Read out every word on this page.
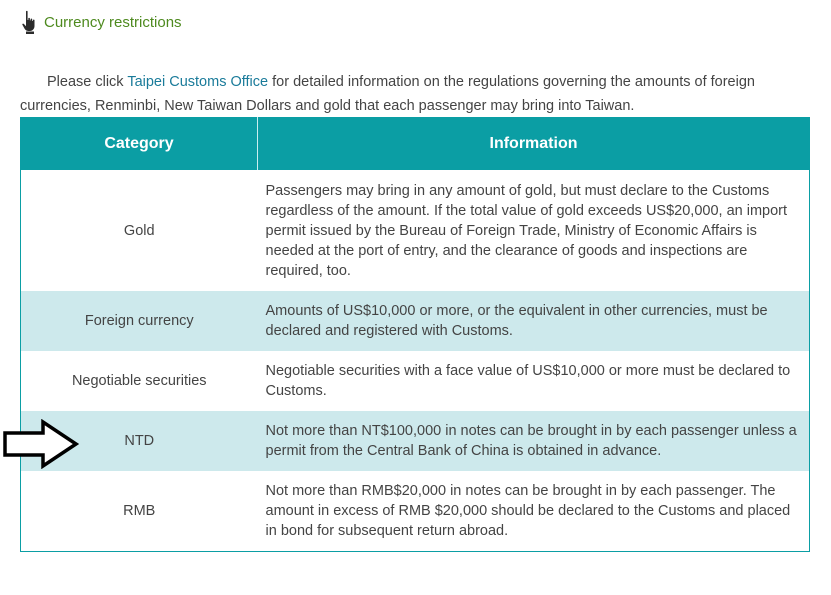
Currency restrictions

Please click Taipei Customs Office for detailed information on the regulations governing the amounts of foreign currencies, Renminbi, New Taiwan Dollars and gold that each passenger may bring into Taiwan.

Category	Information
Gold	Passengers may bring in any amount of gold, but must declare to the Customs regardless of the amount. If the total value of gold exceeds US$20,000, an import permit issued by the Bureau of Foreign Trade, Ministry of Economic Affairs is needed at the port of entry, and the clearance of goods and inspections are required, too.
Foreign currency	Amounts of US$10,000 or more, or the equivalent in other currencies, must be declared and registered with Customs.
Negotiable securities	Negotiable securities with a face value of US$10,000 or more must be declared to Customs.
NTD	Not more than NT$100,000 in notes can be brought in by each passenger unless a permit from the Central Bank of China is obtained in advance.
RMB	Not more than RMB$20,000 in notes can be brought in by each passenger. The amount in excess of RMB $20,000 should be declared to the Customs and placed in bond for subsequent return abroad.
